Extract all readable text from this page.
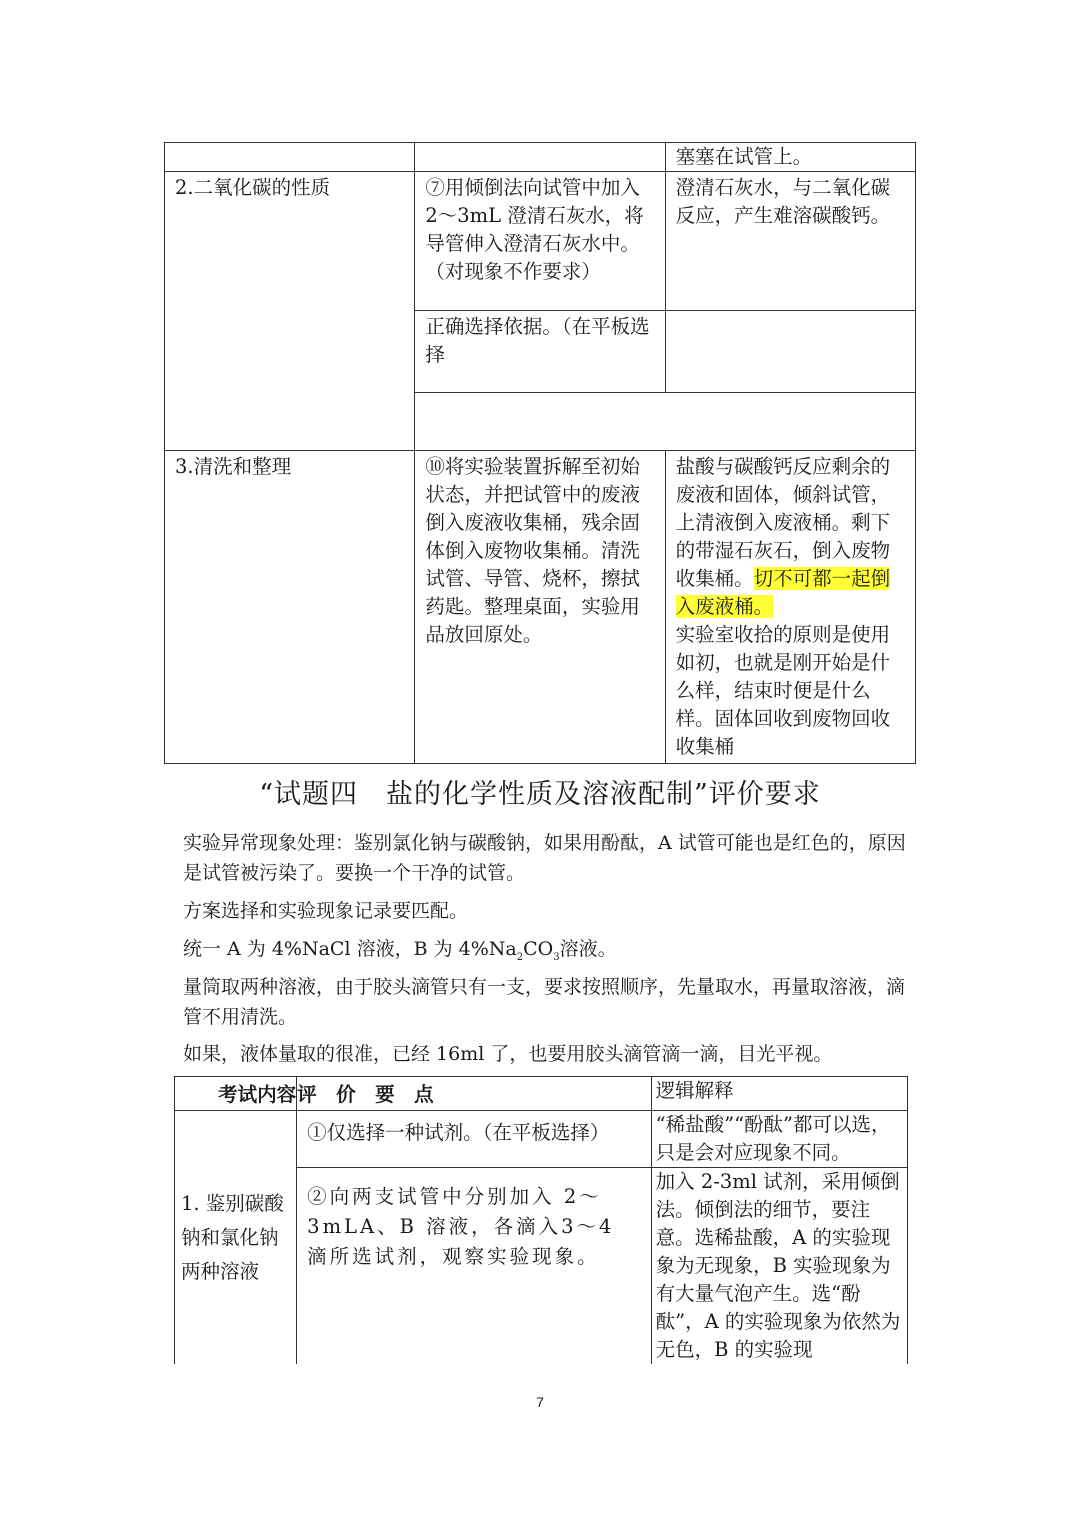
		塞塞在试管上。

2.二氧化碳的性质	⑦用倾倒法向试管中加入 2～3mL 澄清石灰水，将导管伸入澄清石灰水中。（对现象不作要求）	澄清石灰水，与二氧化碳反应，产生难溶碳酸钙。

	正确选择依据。（在平板选择	

3.清洗和整理	⑩将实验装置拆解至初始状态，并把试管中的废液倒入废液收集桶，残余固体倒入废物收集桶。清洗试管、导管、烧杯，擦拭药匙。整理桌面，实验用品放回原处。	盐酸与碳酸钙反应剩余的废液和固体，倾斜试管，上清液倒入废液桶。剩下的带湿石灰石，倒入废物收集桶。切不可都一起倒入废液桶。
实验室收拾的原则是使用如初，也就是刚开始是什么样，结束时便是什么样。固体回收到废物回收收集桶
“试题四　盐的化学性质及溶液配制”评价要求
实验异常现象处理：鉴别氯化钠与碳酸钠，如果用酚酞，A 试管可能也是红色的，原因是试管被污染了。要换一个干净的试管。
方案选择和实验现象记录要匹配。
统一 A 为 4%NaCl 溶液，B 为 $4\%Na_2CO_3$溶液。
量筒取两种溶液，由于胶头滴管只有一支，要求按照顺序，先量取水，再量取溶液，滴管不用清洗。
如果，液体量取的很准，已经 16ml 了，也要用胶头滴管滴一滴，目光平视。
考试内容	评　价　要　点	逻辑解释

1. 鉴别碳酸钠和氯化钠两种溶液	①仅选择一种试剂。（在平板选择）	“稀盐酸”“酚酞”都可以选，只是会对应现象不同。

	②向两支试管中分别加入 2～3mLA、B 溶液，各滴入3～4 滴所选试剂，观察实验现象。	加入 2-3ml 试剂，采用倾倒法。倾倒法的细节，要注意。选稀盐酸，A 的实验现象为无现象，B 实验现象为有大量气泡产生。选“酚酞”，A 的实验现象为依然为无色，B 的实验现
7
